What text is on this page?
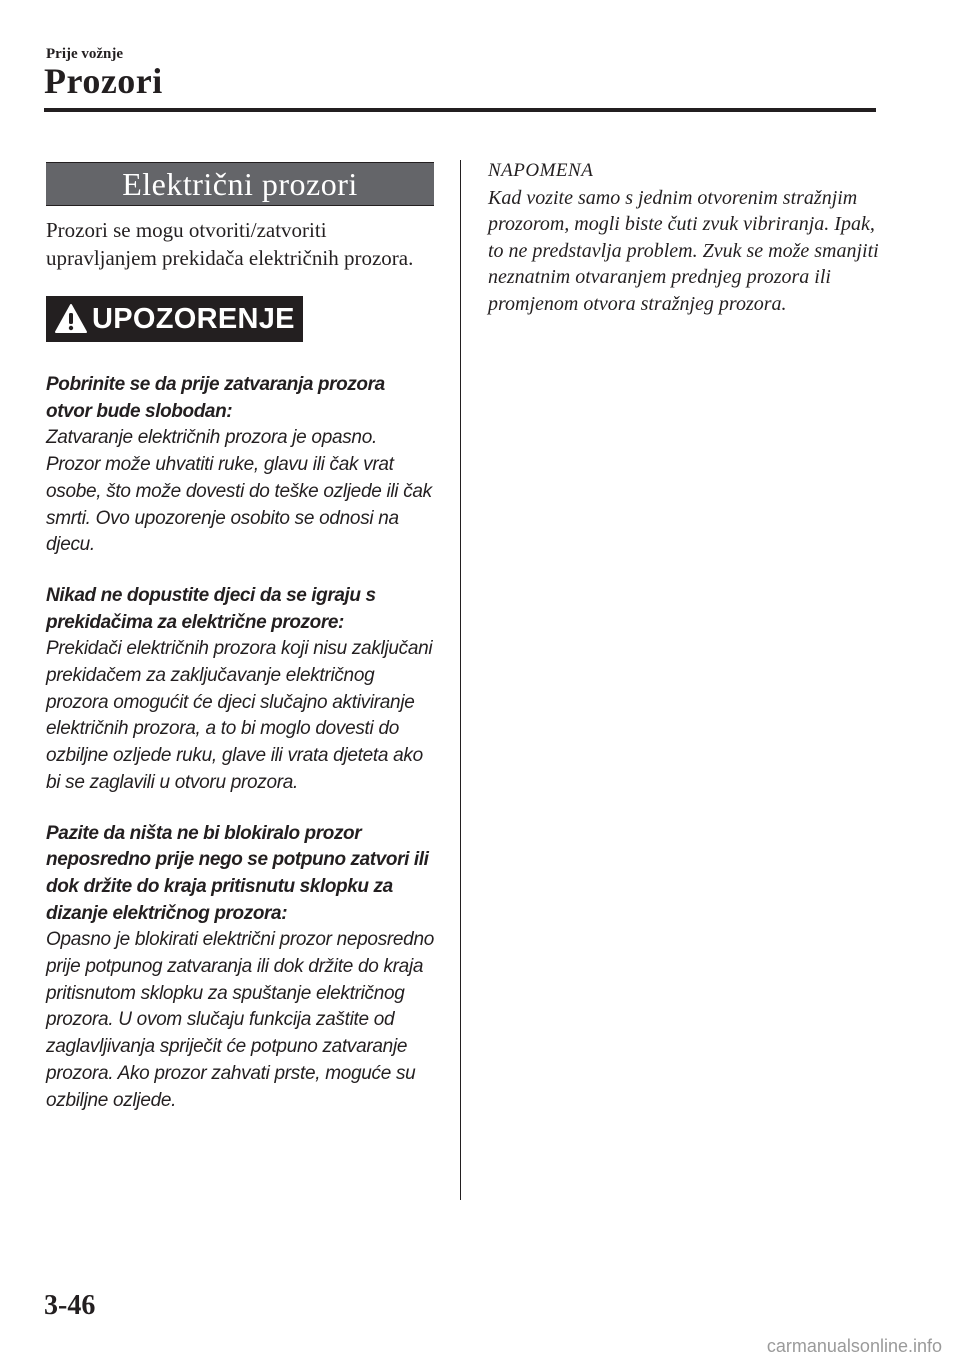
Prije vožnje
Prozori
Električni prozori

Prozori se mogu otvoriti/zatvoriti upravljanjem prekidača električnih prozora.

UPOZORENJE

Pobrinite se da prije zatvaranja prozora otvor bude slobodan:

Zatvaranje električnih prozora je opasno. Prozor može uhvatiti ruke, glavu ili čak vrat osobe, što može dovesti do teške ozljede ili čak smrti. Ovo upozorenje osobito se odnosi na djecu.

Nikad ne dopustite djeci da se igraju s prekidačima za električne prozore:

Prekidači električnih prozora koji nisu zaključani prekidačem za zaključavanje električnog prozora omogućit će djeci slučajno aktiviranje električnih prozora, a to bi moglo dovesti do ozbiljne ozljede ruku, glave ili vrata djeteta ako bi se zaglavili u otvoru prozora.

Pazite da ništa ne bi blokiralo prozor neposredno prije nego se potpuno zatvori ili dok držite do kraja pritisnutu sklopku za dizanje električnog prozora:

Opasno je blokirati električni prozor neposredno prije potpunog zatvaranja ili dok držite do kraja pritisnutom sklopku za spuštanje električnog prozora. U ovom slučaju funkcija zaštite od zaglavljivanja spriječit će potpuno zatvaranje prozora. Ako prozor zahvati prste, moguće su ozbiljne ozljede.

NAPOMENA

Kad vozite samo s jednim otvorenim stražnjim prozorom, mogli biste čuti zvuk vibriranja. Ipak, to ne predstavlja problem. Zvuk se može smanjiti neznatnim otvaranjem prednjeg prozora ili promjenom otvora stražnjeg prozora.

3-46
carmanualsonline.info
